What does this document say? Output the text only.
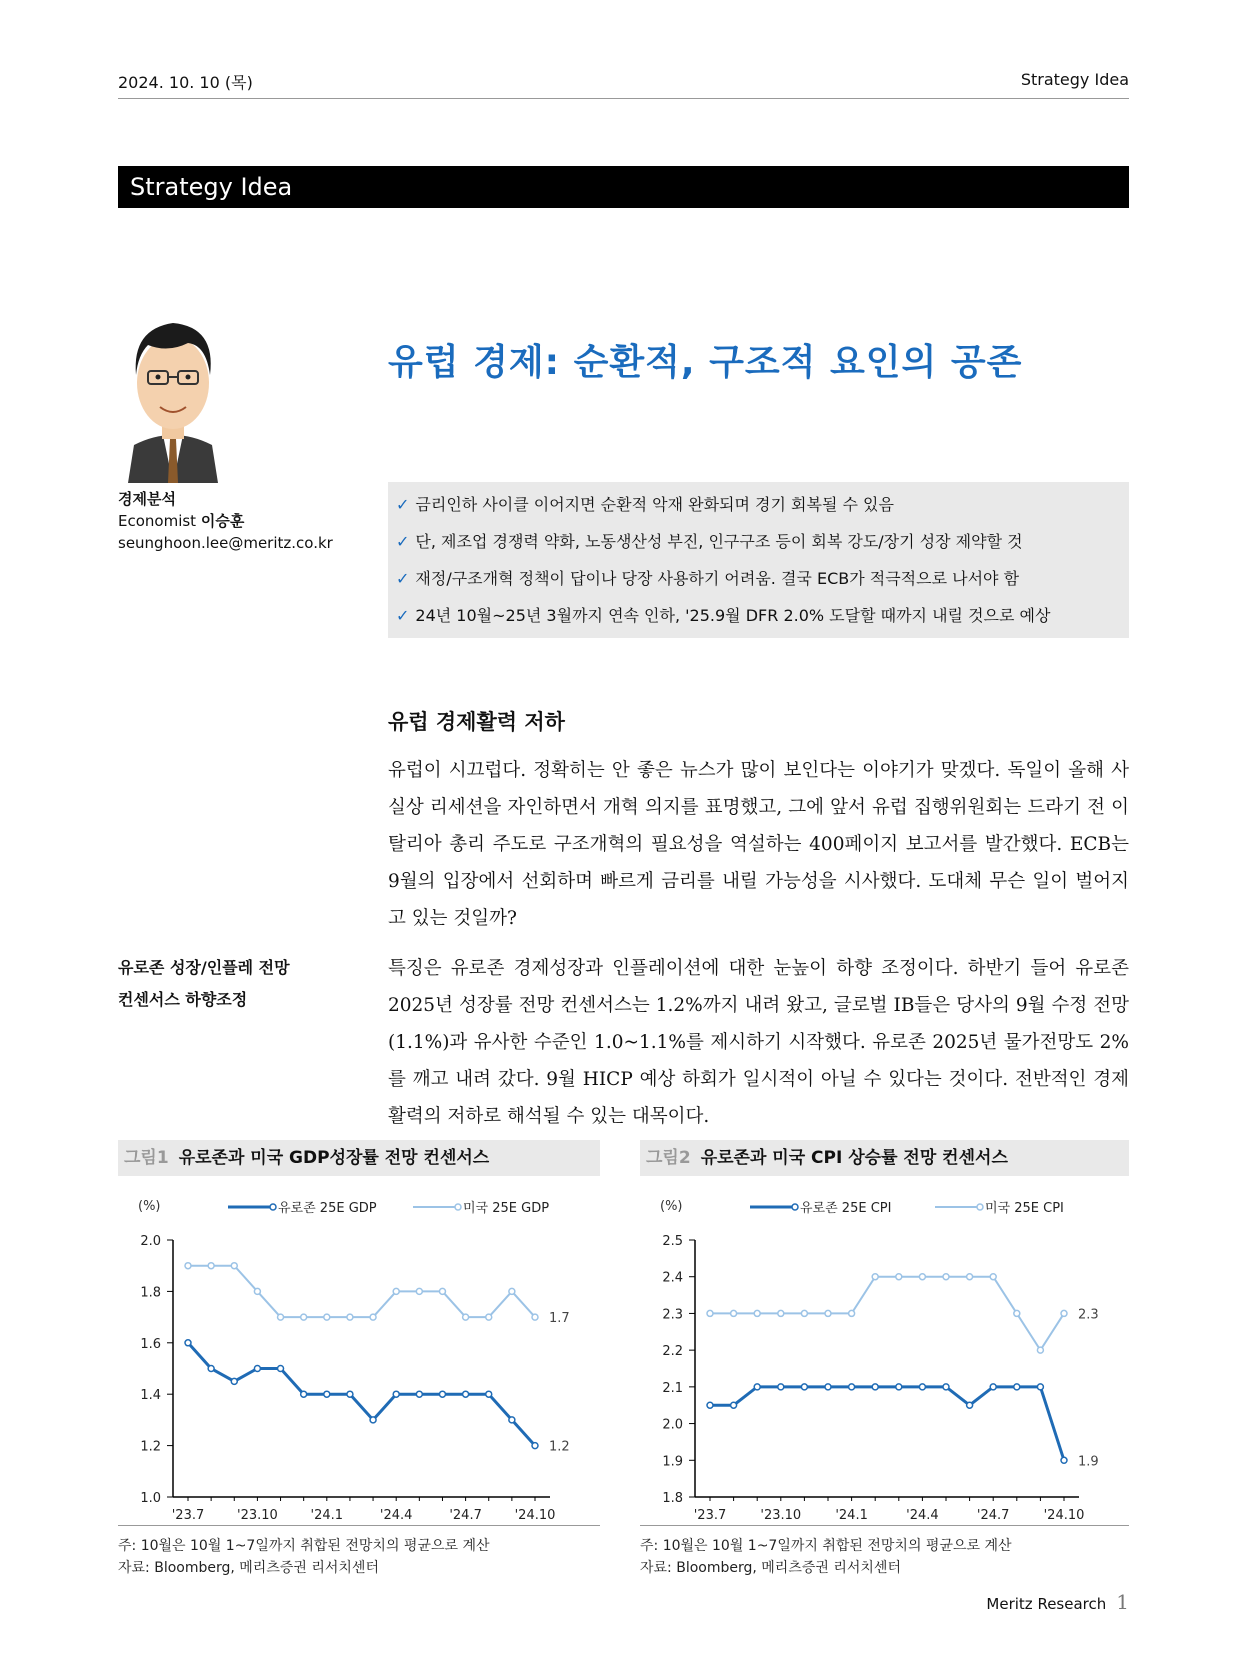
2024. 10. 10 (목)	Strategy Idea
Strategy Idea
유럽 경제: 순환적, 구조적 요인의 공존
경제분석
Economist 이승훈
seunghoon.lee@meritz.co.kr
✓ 금리인하 사이클 이어지면 순환적 악재 완화되며 경기 회복될 수 있음
✓ 단, 제조업 경쟁력 약화, 노동생산성 부진, 인구구조 등이 회복 강도/장기 성장 제약할 것
✓ 재정/구조개혁 정책이 답이나 당장 사용하기 어려움. 결국 ECB가 적극적으로 나서야 함
✓ 24년 10월~25년 3월까지 연속 인하, '25.9월 DFR 2.0% 도달할 때까지 내릴 것으로 예상
유럽 경제활력 저하
유럽이 시끄럽다. 정확히는 안 좋은 뉴스가 많이 보인다는 이야기가 맞겠다. 독일이 올해 사실상 리세션을 자인하면서 개혁 의지를 표명했고, 그에 앞서 유럽 집행위원회는 드라기 전 이탈리아 총리 주도로 구조개혁의 필요성을 역설하는 400페이지 보고서를 발간했다. ECB는 9월의 입장에서 선회하며 빠르게 금리를 내릴 가능성을 시사했다. 도대체 무슨 일이 벌어지고 있는 것일까?
유로존 성장/인플레 전망
컨센서스 하향조정
특징은 유로존 경제성장과 인플레이션에 대한 눈높이 하향 조정이다. 하반기 들어 유로존 2025년 성장률 전망 컨센서스는 1.2%까지 내려 왔고, 글로벌 IB들은 당사의 9월 수정 전망(1.1%)과 유사한 수준인 1.0~1.1%를 제시하기 시작했다. 유로존 2025년 물가전망도 2%를 깨고 내려 갔다. 9월 HICP 예상 하회가 일시적이 아닐 수 있다는 것이다. 전반적인 경제활력의 저하로 해석될 수 있는 대목이다.
그림1 유로존과 미국 GDP성장률 전망 컨센서스
(%)	유로존 25E GDP	미국 25E GDP
1.0
1.2
1.4
1.6
1.8
2.0
'23.7	'23.10	'24.1	'24.4	'24.7	'24.10
1.7
1.2
주: 10월은 10월 1~7일까지 취합된 전망치의 평균으로 계산
자료: Bloomberg, 메리츠증권 리서치센터
그림2 유로존과 미국 CPI 상승률 전망 컨센서스
(%)	유로존 25E CPI	미국 25E CPI
1.8
1.9
2.0
2.1
2.2
2.3
2.4
2.5
'23.7	'23.10	'24.1	'24.4	'24.7	'24.10
2.3
1.9
주: 10월은 10월 1~7일까지 취합된 전망치의 평균으로 계산
자료: Bloomberg, 메리츠증권 리서치센터
Meritz Research 1
